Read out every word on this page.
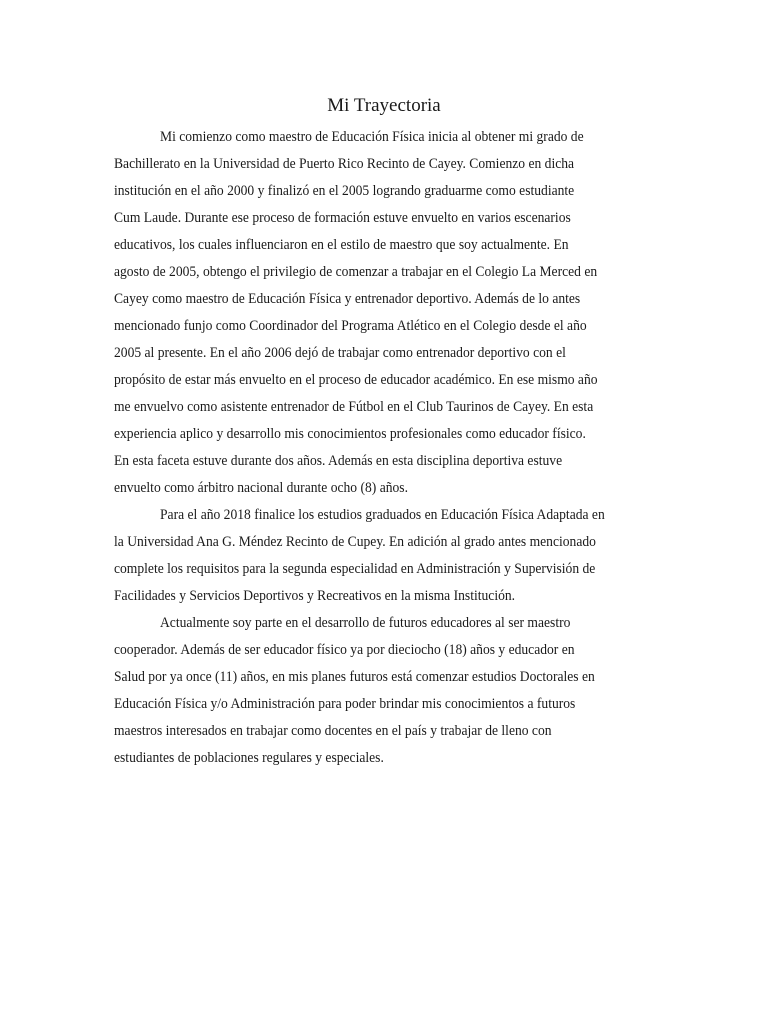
Mi Trayectoria

Mi comienzo como maestro de Educación Física inicia al obtener mi grado de

Bachillerato en la Universidad de Puerto Rico Recinto de Cayey. Comienzo en dicha

institución en el año 2000 y finalizó en el 2005 logrando graduarme como estudiante

Cum Laude. Durante ese proceso de formación estuve envuelto en varios escenarios

educativos, los cuales influenciaron en el estilo de maestro que soy actualmente. En

agosto de 2005, obtengo el privilegio de comenzar a trabajar en el Colegio La Merced en

Cayey como maestro de Educación Física y entrenador deportivo. Además de lo antes

mencionado funjo como Coordinador del Programa Atlético en el Colegio desde el año

2005 al presente. En el año 2006 dejó de trabajar como entrenador deportivo con el

propósito de estar más envuelto en el proceso de educador académico. En ese mismo año

me envuelvo como asistente entrenador de Fútbol en el Club Taurinos de Cayey. En esta

experiencia aplico y desarrollo mis conocimientos profesionales como educador físico.

En esta faceta estuve durante dos años. Además en esta disciplina deportiva estuve

envuelto como árbitro nacional durante ocho (8) años.

Para el año 2018 finalice los estudios graduados en Educación Física Adaptada en

la Universidad Ana G. Méndez Recinto de Cupey. En adición al grado antes mencionado

complete los requisitos para la segunda especialidad en Administración y Supervisión de

Facilidades y Servicios Deportivos y Recreativos en la misma Institución.

Actualmente soy parte en el desarrollo de futuros educadores al ser maestro

cooperador. Además de ser educador físico ya por dieciocho (18) años y educador en

Salud por ya once (11) años, en mis planes futuros está comenzar estudios Doctorales en

Educación Física y/o Administración para poder brindar mis conocimientos a futuros

maestros interesados en trabajar como docentes en el país y trabajar de lleno con

estudiantes de poblaciones regulares y especiales.
